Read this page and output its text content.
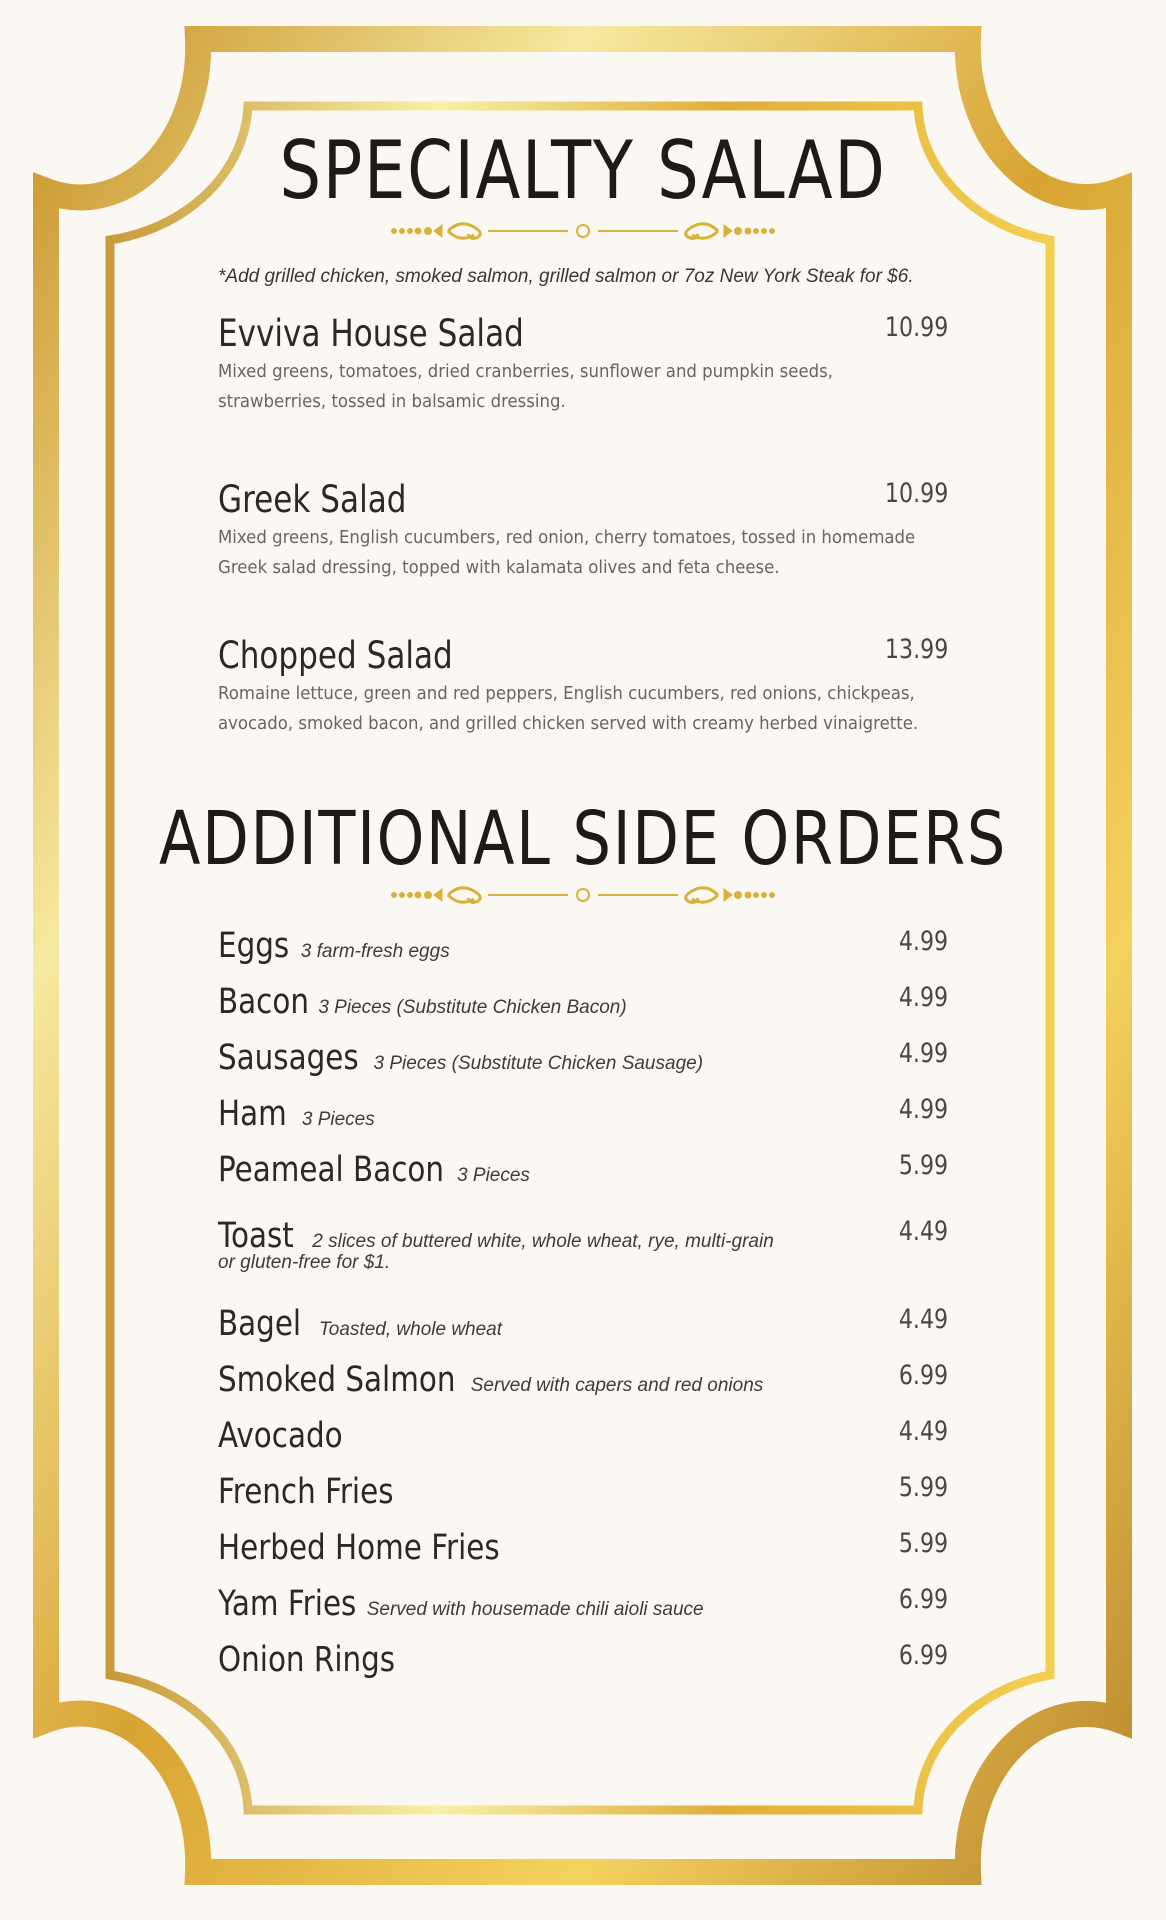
SPECIALTY SALAD

*Add grilled chicken, smoked salmon, grilled salmon or 7oz New York Steak for $6.

Evviva House Salad	10.99
Mixed greens, tomatoes, dried cranberries, sunflower and pumpkin seeds, strawberries, tossed in balsamic dressing.
Greek Salad	10.99
Mixed greens, English cucumbers, red onion, cherry tomatoes, tossed in homemade Greek salad dressing, topped with kalamata olives and feta cheese.
Chopped Salad	13.99
Romaine lettuce, green and red peppers, English cucumbers, red onions, chickpeas, avocado, smoked bacon, and grilled chicken served with creamy herbed vinaigrette.
ADDITIONAL SIDE ORDERS
Eggs 3 farm-fresh eggs	4.99
Bacon 3 Pieces (Substitute Chicken Bacon)	4.99
Sausages 3 Pieces (Substitute Chicken Sausage)	4.99
Ham 3 Pieces	4.99
Peameal Bacon 3 Pieces	5.99
Toast 2 slices of buttered white, whole wheat, rye, multi-grain
or gluten-free for $1.
4.49
Bagel Toasted, whole wheat	4.49
Smoked Salmon Served with capers and red onions	6.99
Avocado	4.49
French Fries	5.99
Herbed Home Fries	5.99
Yam Fries Served with housemade chili aioli sauce	6.99
Onion Rings	6.99
